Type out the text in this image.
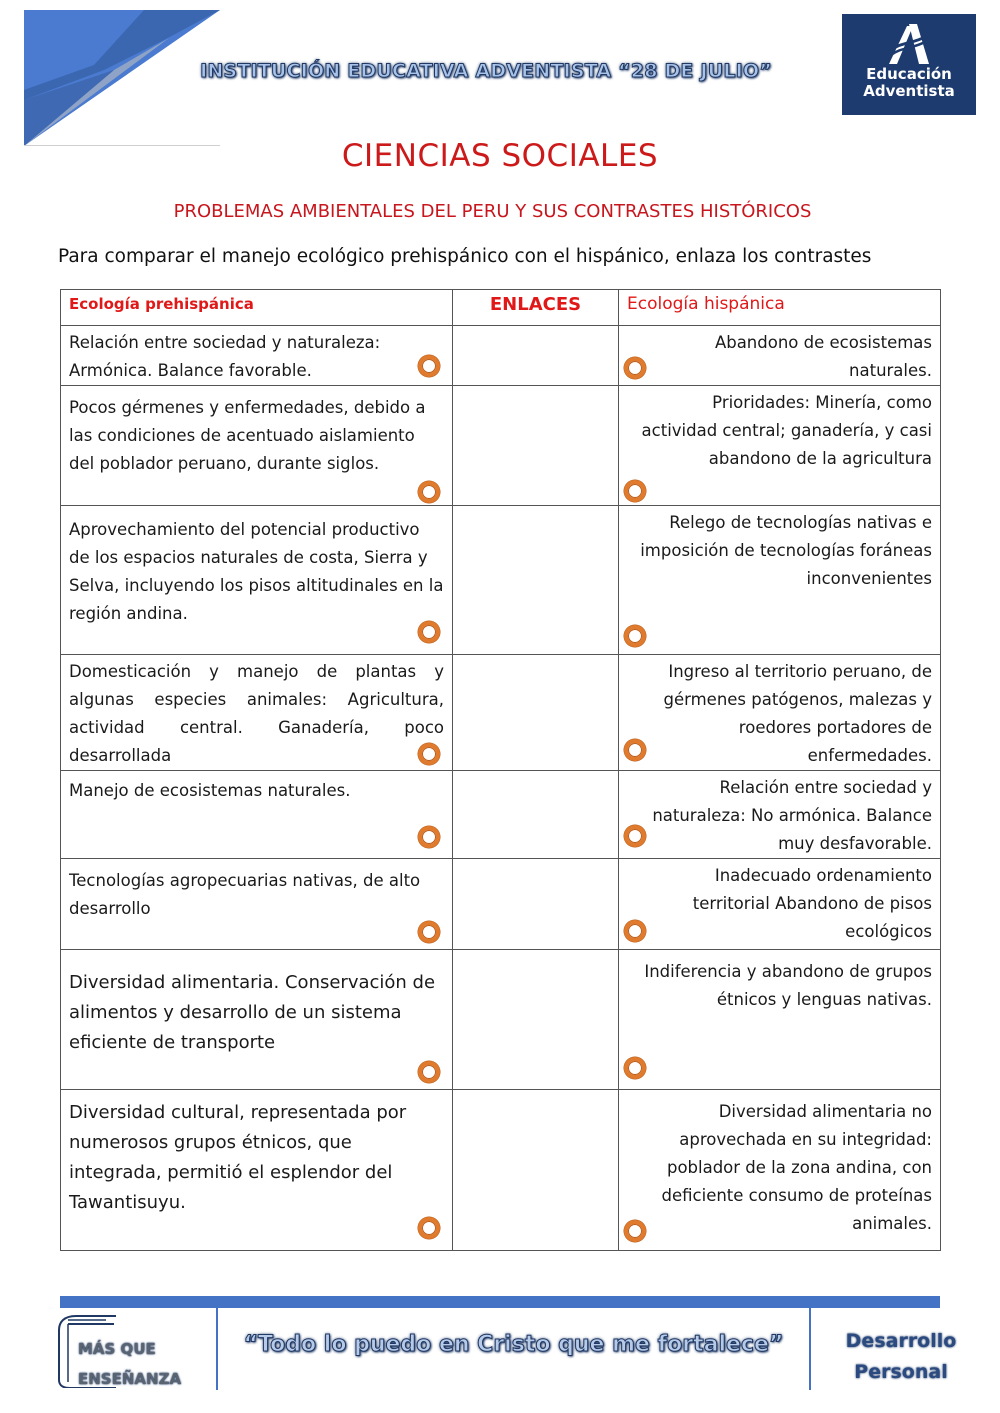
INSTITUCIÓN EDUCATIVA ADVENTISTA “28 DE JULIO”	Educación
Adventista
CIENCIAS SOCIALES
PROBLEMAS AMBIENTALES DEL PERU Y SUS CONTRASTES HISTÓRICOS
Para comparar el manejo ecológico prehispánico con el hispánico, enlaza los contrastes
Ecología prehispánica	ENLACES	Ecología hispánica

Relación entre sociedad y naturaleza: Armónica. Balance favorable.		Abandono de ecosistemas naturales.

Pocos gérmenes y enfermedades, debido a las condiciones de acentuado aislamiento del poblador peruano, durante siglos.		Prioridades: Minería, como actividad central; ganadería, y casi abandono de la agricultura

Aprovechamiento del potencial productivo de los espacios naturales de costa, Sierra y Selva, incluyendo los pisos altitudinales en la región andina.		Relego de tecnologías nativas e imposición de tecnologías foráneas inconvenientes

Domesticación y manejo de plantas y algunas especies animales: Agricultura, actividad central. Ganadería, poco desarrollada		Ingreso al territorio peruano, de gérmenes patógenos, malezas y roedores portadores de enfermedades.

Manejo de ecosistemas naturales.		Relación entre sociedad y naturaleza: No armónica. Balance muy desfavorable.

Tecnologías agropecuarias nativas, de alto desarrollo		Inadecuado ordenamiento territorial Abandono de pisos ecológicos

Diversidad alimentaria. Conservación de alimentos y desarrollo de un sistema eficiente de transporte		Indiferencia y abandono de grupos étnicos y lenguas nativas.

Diversidad cultural, representada por numerosos grupos étnicos, que integrada, permitió el esplendor del Tawantisuyu.		Diversidad alimentaria no aprovechada en su integridad: poblador de la zona andina, con deficiente consumo de proteínas animales.
MÁS QUE
ENSEÑANZA
“Todo lo puedo en Cristo que me fortalece”	Desarrollo
Personal
